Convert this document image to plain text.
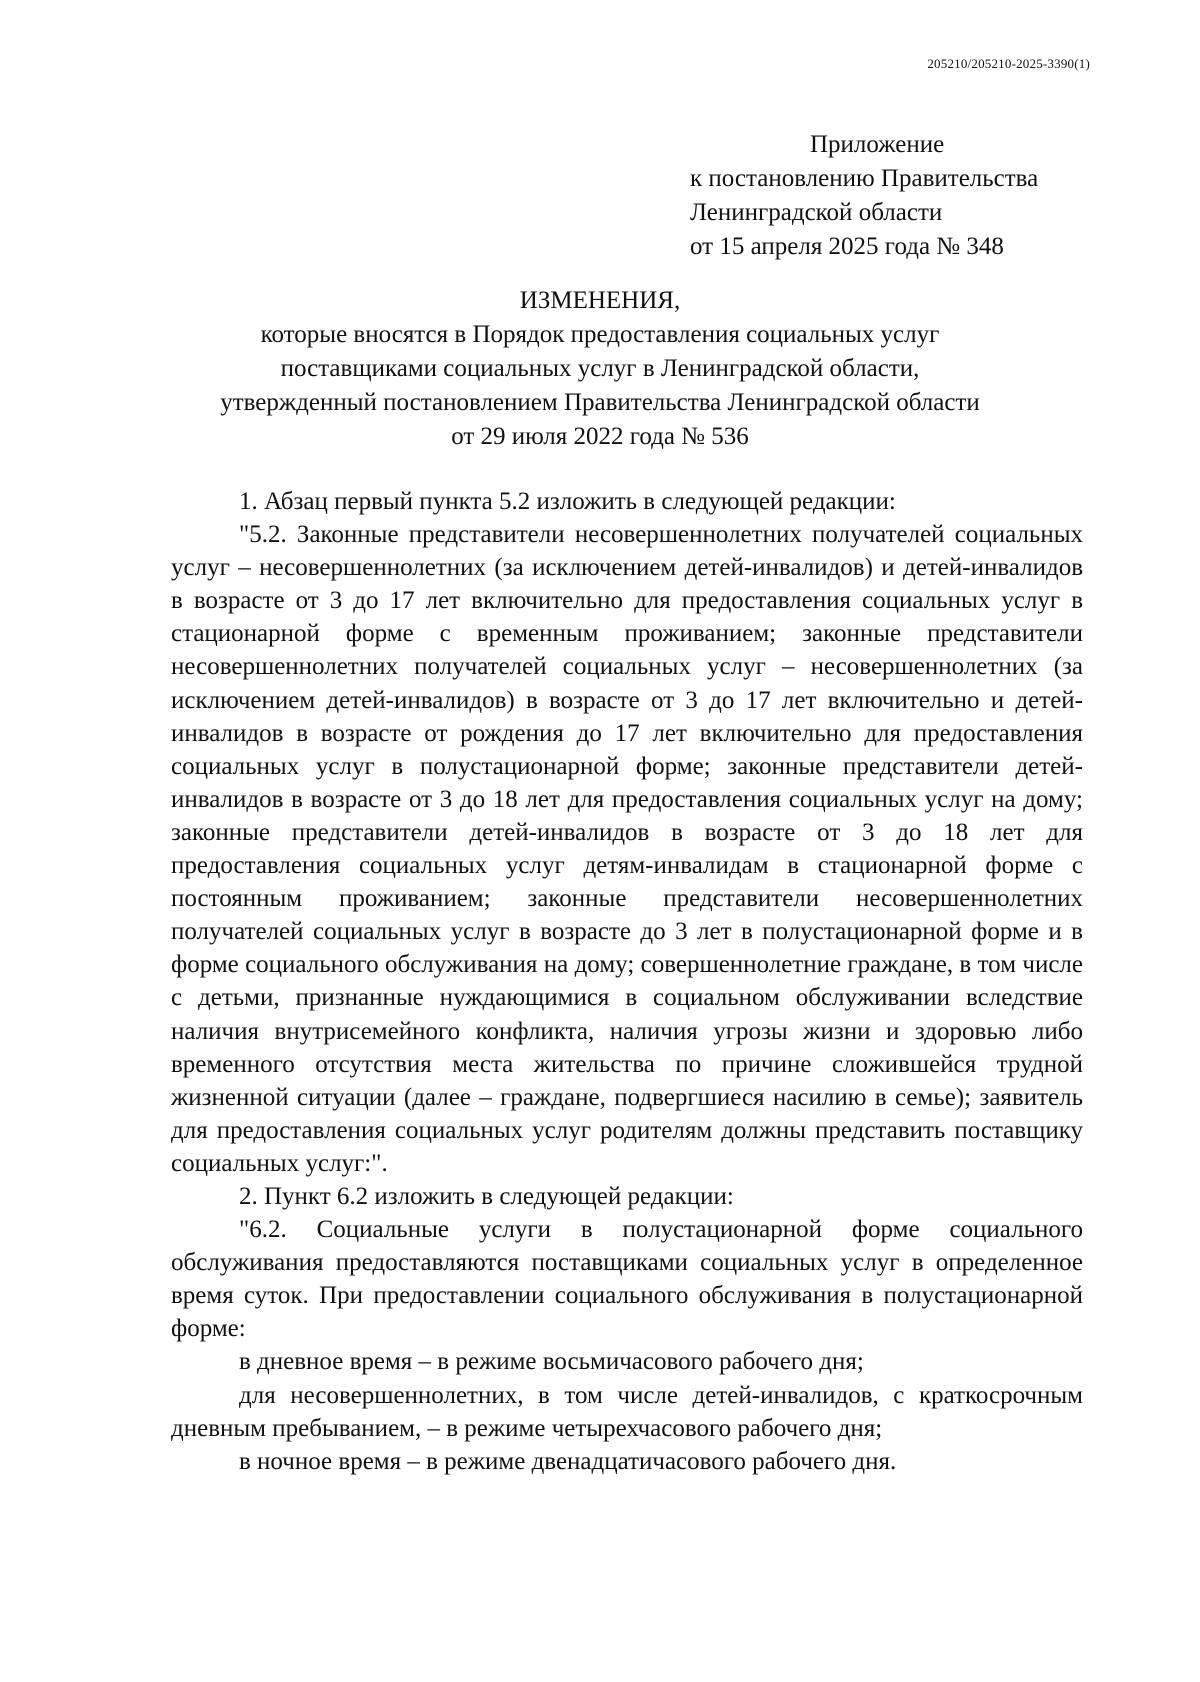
205210/205210-2025-3390(1)
Приложение
к постановлению Правительства
Ленинградской области
от 15 апреля 2025 года № 348
ИЗМЕНЕНИЯ,
которые вносятся в Порядок предоставления социальных услуг
поставщиками социальных услуг в Ленинградской области,
утвержденный постановлением Правительства Ленинградской области
от 29 июля 2022 года № 536

1. Абзац первый пункта 5.2 изложить в следующей редакции:

"5.2. Законные представители несовершеннолетних получателей социальных услуг – несовершеннолетних (за исключением детей-инвалидов) и детей-инвалидов в возрасте от 3 до 17 лет включительно для предоставления социальных услуг в стационарной форме с временным проживанием; законные представители несовершеннолетних получателей социальных услуг – несовершеннолетних (за исключением детей-инвалидов) в возрасте от 3 до 17 лет включительно и детей-инвалидов в возрасте от рождения до 17 лет включительно для предоставления социальных услуг в полустационарной форме; законные представители детей-инвалидов в возрасте от 3 до 18 лет для предоставления социальных услуг на дому; законные представители детей-инвалидов в возрасте от 3 до 18 лет для предоставления социальных услуг детям-инвалидам в стационарной форме с постоянным проживанием; законные представители несовершеннолетних получателей социальных услуг в возрасте до 3 лет в полустационарной форме и в форме социального обслуживания на дому; совершеннолетние граждане, в том числе с детьми, признанные нуждающимися в социальном обслуживании вследствие наличия внутрисемейного конфликта, наличия угрозы жизни и здоровью либо временного отсутствия места жительства по причине сложившейся трудной жизненной ситуации (далее – граждане, подвергшиеся насилию в семье); заявитель для предоставления социальных услуг родителям должны представить поставщику социальных услуг:".

2. Пункт 6.2 изложить в следующей редакции:

"6.2. Социальные услуги в полустационарной форме социального обслуживания предоставляются поставщиками социальных услуг в определенное время суток. При предоставлении социального обслуживания в полустационарной форме:

в дневное время – в режиме восьмичасового рабочего дня;

для несовершеннолетних, в том числе детей-инвалидов, с краткосрочным дневным пребыванием, – в режиме четырехчасового рабочего дня;

в ночное время – в режиме двенадцатичасового рабочего дня.
